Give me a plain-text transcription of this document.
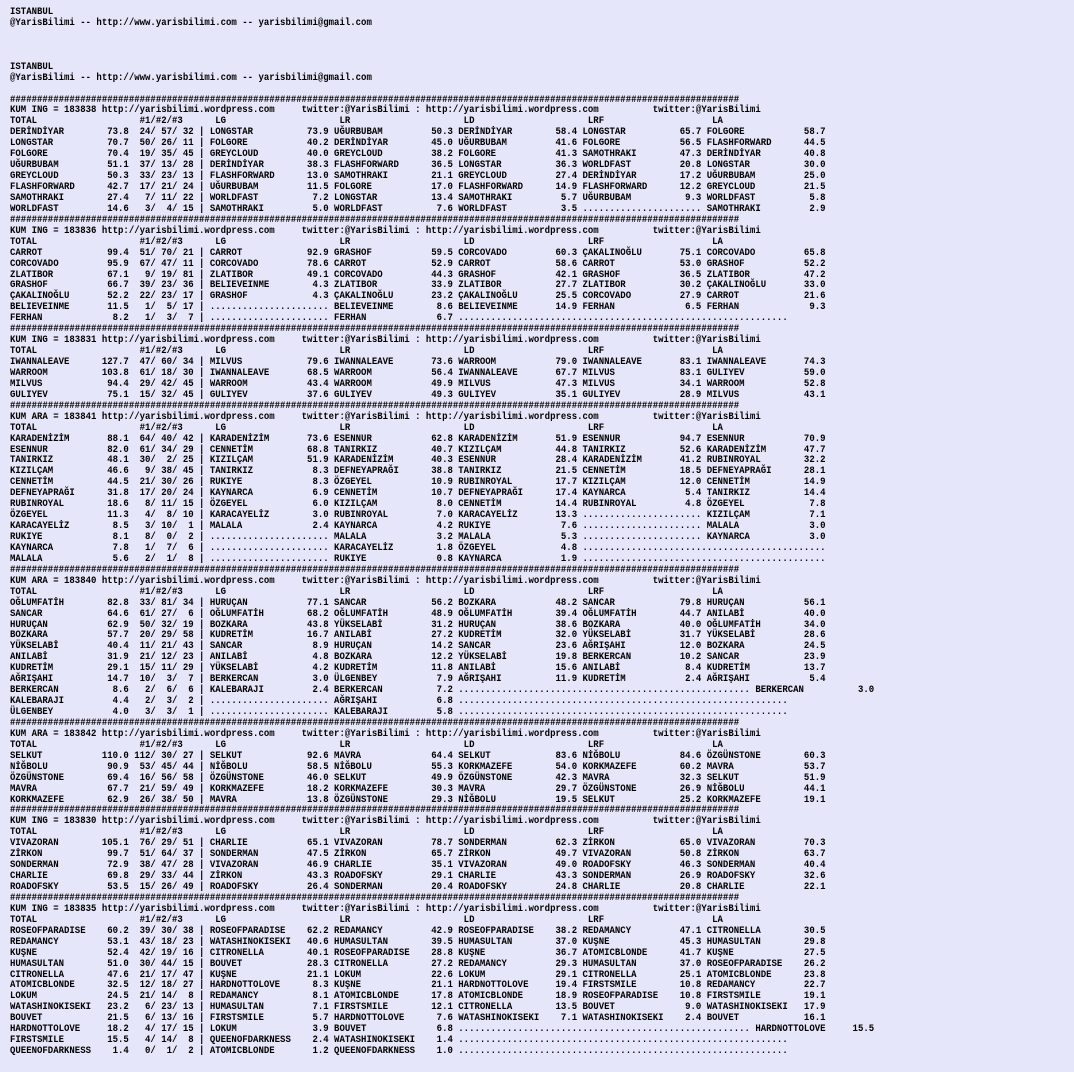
ISTANBUL
@YarisBilimi -- http://www.yarisbilimi.com -- yarisbilimi@gmail.com
ISTANBUL
@YarisBilimi -- http://www.yarisbilimi.com -- yarisbilimi@gmail.com
#######################################################################################################################################
KUM ING = 183838 http://yarisbilimi.wordpress.com     twitter:@YarisBilimi : http://yarisbilimi.wordpress.com          twitter:@YarisBilimi
TOTAL                   #1/#2/#3      LG                     LR                     LD                     LRF                    LA
DERİNDİYAR        73.8  24/ 57/ 32 | LONGSTAR          73.9 UĞURBUBAM         50.3 DERİNDİYAR        58.4 LONGSTAR          65.7 FOLGORE           58.7
LONGSTAR          70.7  50/ 26/ 11 | FOLGORE           40.2 DERİNDİYAR        45.0 UĞURBUBAM         41.6 FOLGORE           56.5 FLASHFORWARD      44.5
FOLGORE           70.4  19/ 35/ 45 | GREYCLOUD         40.0 GREYCLOUD         38.2 FOLGORE           41.3 SAMOTHRAKI        47.3 DERİNDİYAR        40.8
UĞURBUBAM         51.1  37/ 13/ 28 | DERİNDİYAR        38.3 FLASHFORWARD      36.5 LONGSTAR          36.3 WORLDFAST         20.8 LONGSTAR          30.0
GREYCLOUD         50.3  33/ 23/ 13 | FLASHFORWARD      13.0 SAMOTHRAKI        21.1 GREYCLOUD         27.4 DERİNDİYAR        17.2 UĞURBUBAM         25.0
FLASHFORWARD      42.7  17/ 21/ 24 | UĞURBUBAM         11.5 FOLGORE           17.0 FLASHFORWARD      14.9 FLASHFORWARD      12.2 GREYCLOUD         21.5
SAMOTHRAKI        27.4   7/ 11/ 22 | WORLDFAST          7.2 LONGSTAR          13.4 SAMOTHRAKI         5.7 UĞURBUBAM          9.3 WORLDFAST          5.8
WORLDFAST         14.6   3/  4/ 15 | SAMOTHRAKI         5.0 WORLDFAST          7.6 WORLDFAST          3.5 ...................... SAMOTHRAKI         2.9
#######################################################################################################################################
KUM ING = 183836 http://yarisbilimi.wordpress.com     twitter:@YarisBilimi : http://yarisbilimi.wordpress.com          twitter:@YarisBilimi
TOTAL                   #1/#2/#3      LG                     LR                     LD                     LRF                    LA
CARROT            99.4  51/ 70/ 21 | CARROT            92.9 GRASHOF           59.5 CORCOVADO         60.3 ÇAKALINOĞLU       75.1 CORCOVADO         65.8
CORCOVADO         95.9  67/ 47/ 11 | CORCOVADO         78.6 CARROT            52.9 CARROT            58.6 CARROT            53.0 GRASHOF           52.2
ZLATIBOR          67.1   9/ 19/ 81 | ZLATIBOR          49.1 CORCOVADO         44.3 GRASHOF           42.1 GRASHOF           36.5 ZLATIBOR          47.2
GRASHOF           66.7  39/ 23/ 36 | BELIEVEINME        4.3 ZLATIBOR          33.9 ZLATIBOR          27.7 ZLATIBOR          30.2 ÇAKALINOĞLU       33.0
ÇAKALINOĞLU       52.2  22/ 23/ 17 | GRASHOF            4.3 ÇAKALINOĞLU       23.2 ÇAKALINOĞLU       25.5 CORCOVADO         27.9 CARROT            21.6
BELIEVEINME       11.5   1/  5/ 17 | ...................... BELIEVEINME        8.6 BELIEVEINME       14.9 FERHAN             6.5 FERHAN             9.3
FERHAN             8.2   1/  3/  7 | ...................... FERHAN             6.7 .............................................................
#######################################################################################################################################
KUM ING = 183831 http://yarisbilimi.wordpress.com     twitter:@YarisBilimi : http://yarisbilimi.wordpress.com          twitter:@YarisBilimi
TOTAL                   #1/#2/#3      LG                     LR                     LD                     LRF                    LA
IWANNALEAVE      127.7  47/ 60/ 34 | MILVUS            79.6 IWANNALEAVE       73.6 WARROOM           79.0 IWANNALEAVE       83.1 IWANNALEAVE       74.3
WARROOM          103.8  61/ 18/ 30 | IWANNALEAVE       68.5 WARROOM           56.4 IWANNALEAVE       67.7 MILVUS            83.1 GULIYEV           59.0
MILVUS            94.4  29/ 42/ 45 | WARROOM           43.4 WARROOM           49.9 MILVUS            47.3 MILVUS            34.1 WARROOM           52.8
GULIYEV           75.1  15/ 32/ 45 | GULIYEV           37.6 GULIYEV           49.3 GULIYEV           35.1 GULIYEV           28.9 MILVUS            43.1
#######################################################################################################################################
KUM ARA = 183841 http://yarisbilimi.wordpress.com     twitter:@YarisBilimi : http://yarisbilimi.wordpress.com          twitter:@YarisBilimi
TOTAL                   #1/#2/#3      LG                     LR                     LD                     LRF                    LA
KARADENİZİM       88.1  64/ 40/ 42 | KARADENİZİM       73.6 ESENNUR           62.8 KARADENİZİM       51.9 ESENNUR           94.7 ESENNUR           70.9
ESENNUR           82.0  61/ 34/ 29 | CENNETİM          68.8 TANIRKIZ          40.7 KIZILÇAM          44.8 TANIRKIZ          52.6 KARADENİZİM       47.7
TANIRKIZ          48.1  30/  2/ 25 | KIZILÇAM          51.9 KARADENİZİM       40.3 ESENNUR           28.4 KARADENİZİM       41.2 RUBINROYAL        32.2
KIZILÇAM          46.6   9/ 38/ 45 | TANIRKIZ           8.3 DEFNEYAPRAĞI      38.8 TANIRKIZ          21.5 CENNETİM          18.5 DEFNEYAPRAĞI      28.1
CENNETİM          44.5  21/ 30/ 26 | RUKIYE             8.3 ÖZGEYEL           10.9 RUBINROYAL        17.7 KIZILÇAM          12.0 CENNETİM          14.9
DEFNEYAPRAĞI      31.8  17/ 20/ 24 | KAYNARCA           6.9 CENNETİM          10.7 DEFNEYAPRAĞI      17.4 KAYNARCA           5.4 TANIRKIZ          14.4
RUBINROYAL        18.6   8/ 11/ 15 | ÖZGEYEL            6.0 KIZILÇAM           8.0 CENNETİM          14.4 RUBINROYAL         4.8 ÖZGEYEL            7.8
ÖZGEYEL           11.3   4/  8/ 10 | KARACAYELİZ        3.0 RUBINROYAL         7.0 KARACAYELİZ       13.3 ...................... KIZILÇAM           7.1
KARACAYELİZ        8.5   3/ 10/  1 | MALALA             2.4 KAYNARCA           4.2 RUKIYE             7.6 ...................... MALALA             3.0
RUKIYE             8.1   8/  0/  2 | ...................... MALALA             3.2 MALALA             5.3 ...................... KAYNARCA           3.0
KAYNARCA           7.8   1/  7/  6 | ...................... KARACAYELİZ        1.8 ÖZGEYEL            4.8 .............................................
MALALA             5.6   2/  1/  8 | ...................... RUKIYE             0.8 KAYNARCA           1.9 .............................................
#######################################################################################################################################
KUM ARA = 183840 http://yarisbilimi.wordpress.com     twitter:@YarisBilimi : http://yarisbilimi.wordpress.com          twitter:@YarisBilimi
TOTAL                   #1/#2/#3      LG                     LR                     LD                     LRF                    LA
OĞLUMFATİH        82.8  33/ 81/ 34 | HURUÇAN           77.1 SANCAR            56.2 BOZKARA           48.2 SANCAR            79.8 HURUÇAN           56.1
SANCAR            64.6  61/ 27/  6 | OĞLUMFATİH        68.2 OĞLUMFATİH        48.9 OĞLUMFATİH        39.4 OĞLUMFATİH        44.7 ANILABİ           40.0
HURUÇAN           62.9  50/ 32/ 19 | BOZKARA           43.8 YÜKSELABİ         31.2 HURUÇAN           38.6 BOZKARA           40.0 OĞLUMFATİH        34.0
BOZKARA           57.7  20/ 29/ 58 | KUDRETİM          16.7 ANILABİ           27.2 KUDRETİM          32.0 YÜKSELABİ         31.7 YÜKSELABİ         28.6
YÜKSELABİ         40.4  11/ 21/ 43 | SANCAR             8.9 HURUÇAN           14.2 SANCAR            23.6 AĞRIŞAHI          12.0 BOZKARA           24.5
ANILABİ           31.9  21/ 12/ 23 | ANILABİ            4.8 BOZKARA           12.2 YÜKSELABİ         19.8 BERKERCAN         10.2 SANCAR            23.9
KUDRETİM          29.1  15/ 11/ 29 | YÜKSELABİ          4.2 KUDRETİM          11.8 ANILABİ           15.6 ANILABİ            8.4 KUDRETİM          13.7
AĞRIŞAHI          14.7  10/  3/  7 | BERKERCAN          3.0 ÜLGENBEY           7.9 AĞRIŞAHI          11.9 KUDRETİM           2.4 AĞRIŞAHI           5.4
BERKERCAN          8.6   2/  6/  6 | KALEBARAJI         2.4 BERKERCAN          7.2 ...................................................... BERKERCAN          3.0
KALEBARAJI         4.4   2/  3/  2 | ...................... AĞRIŞAHI           6.8 .............................................................
ÜLGENBEY           4.0   3/  3/  1 | ...................... KALEBARAJI         5.8 .............................................................
#######################################################################################################################################
KUM ARA = 183842 http://yarisbilimi.wordpress.com     twitter:@YarisBilimi : http://yarisbilimi.wordpress.com          twitter:@YarisBilimi
TOTAL                   #1/#2/#3      LG                     LR                     LD                     LRF                    LA
SELKUT           110.0 112/ 30/ 27 | SELKUT            92.6 MAVRA             64.4 SELKUT            83.6 NİĞBOLU           84.6 ÖZGÜNSTONE        60.3
NİĞBOLU           90.9  53/ 45/ 44 | NİĞBOLU           58.5 NİĞBOLU           55.3 KORKMAZEFE        54.0 KORKMAZEFE        60.2 MAVRA             53.7
ÖZGÜNSTONE        69.4  16/ 56/ 58 | ÖZGÜNSTONE        46.0 SELKUT            49.9 ÖZGÜNSTONE        42.3 MAVRA             32.3 SELKUT            51.9
MAVRA             67.7  21/ 59/ 49 | KORKMAZEFE        18.2 KORKMAZEFE        30.3 MAVRA             29.7 ÖZGÜNSTONE        26.9 NİĞBOLU           44.1
KORKMAZEFE        62.9  26/ 38/ 50 | MAVRA             13.8 ÖZGÜNSTONE        29.3 NİĞBOLU           19.5 SELKUT            25.2 KORKMAZEFE        19.1
#######################################################################################################################################
KUM ING = 183830 http://yarisbilimi.wordpress.com     twitter:@YarisBilimi : http://yarisbilimi.wordpress.com          twitter:@YarisBilimi
TOTAL                   #1/#2/#3      LG                     LR                     LD                     LRF                    LA
VIVAZORAN        105.1  76/ 29/ 51 | CHARLIE           65.1 VIVAZORAN         78.7 SONDERMAN         62.3 ZİRKON            65.0 VIVAZORAN         70.3
ZİRKON            99.7  51/ 64/ 37 | SONDERMAN         47.5 ZİRKON            65.7 ZİRKON            49.7 VIVAZORAN         50.8 ZİRKON            63.7
SONDERMAN         72.9  38/ 47/ 28 | VIVAZORAN         46.9 CHARLIE           35.1 VIVAZORAN         49.0 ROADOFSKY         46.3 SONDERMAN         40.4
CHARLIE           69.8  29/ 33/ 44 | ZİRKON            43.3 ROADOFSKY         29.1 CHARLIE           43.3 SONDERMAN         26.9 ROADOFSKY         32.6
ROADOFSKY         53.5  15/ 26/ 49 | ROADOFSKY         26.4 SONDERMAN         20.4 ROADOFSKY         24.8 CHARLIE           20.8 CHARLIE           22.1
#######################################################################################################################################
KUM ING = 183835 http://yarisbilimi.wordpress.com     twitter:@YarisBilimi : http://yarisbilimi.wordpress.com          twitter:@YarisBilimi
TOTAL                   #1/#2/#3      LG                     LR                     LD                     LRF                    LA
ROSEOFPARADISE    60.2  39/ 30/ 38 | ROSEOFPARADISE    62.2 REDAMANCY         42.9 ROSEOFPARADISE    38.2 REDAMANCY         47.1 CITRONELLA        30.5
REDAMANCY         53.1  43/ 18/ 23 | WATASHINOKISEKI   40.6 HUMASULTAN        39.5 HUMASULTAN        37.0 KUŞNE             45.3 HUMASULTAN        29.8
KUŞNE             52.4  42/ 19/ 16 | CITRONELLA        40.1 ROSEOFPARADISE    28.8 KUŞNE             36.7 ATOMICBLONDE      41.7 KUŞNE             27.5
HUMASULTAN        51.0  30/ 44/ 15 | BOUVET            28.3 CITRONELLA        27.2 REDAMANCY         29.3 HUMASULTAN        37.0 ROSEOFPARADISE    26.2
CITRONELLA        47.6  21/ 17/ 47 | KUŞNE             21.1 LOKUM             22.6 LOKUM             29.1 CITRONELLA        25.1 ATOMICBLONDE      23.8
ATOMICBLONDE      32.5  12/ 18/ 27 | HARDNOTTOLOVE      8.3 KUŞNE             21.1 HARDNOTTOLOVE     19.4 FIRSTSMILE        10.8 REDAMANCY         22.7
LOKUM             24.5  21/ 14/  8 | REDAMANCY          8.1 ATOMICBLONDE      17.8 ATOMICBLONDE      18.9 ROSEOFPARADISE    10.8 FIRSTSMILE        19.1
WATASHINOKISEKI   23.2   6/ 23/ 13 | HUMASULTAN         7.1 FIRSTSMILE        12.1 CITRONELLA        13.5 BOUVET             9.0 WATASHINOKISEKI   17.9
BOUVET            21.5   6/ 13/ 16 | FIRSTSMILE         5.7 HARDNOTTOLOVE      7.6 WATASHINOKISEKI    7.1 WATASHINOKISEKI    2.4 BOUVET            16.1
HARDNOTTOLOVE     18.2   4/ 17/ 15 | LOKUM              3.9 BOUVET             6.8 ...................................................... HARDNOTTOLOVE     15.5
FIRSTSMILE        15.5   4/ 14/  8 | QUEENOFDARKNESS    2.4 WATASHINOKISEKI    1.4 .............................................................
QUEENOFDARKNESS    1.4   0/  1/  2 | ATOMICBLONDE       1.2 QUEENOFDARKNESS    1.0 .............................................................
